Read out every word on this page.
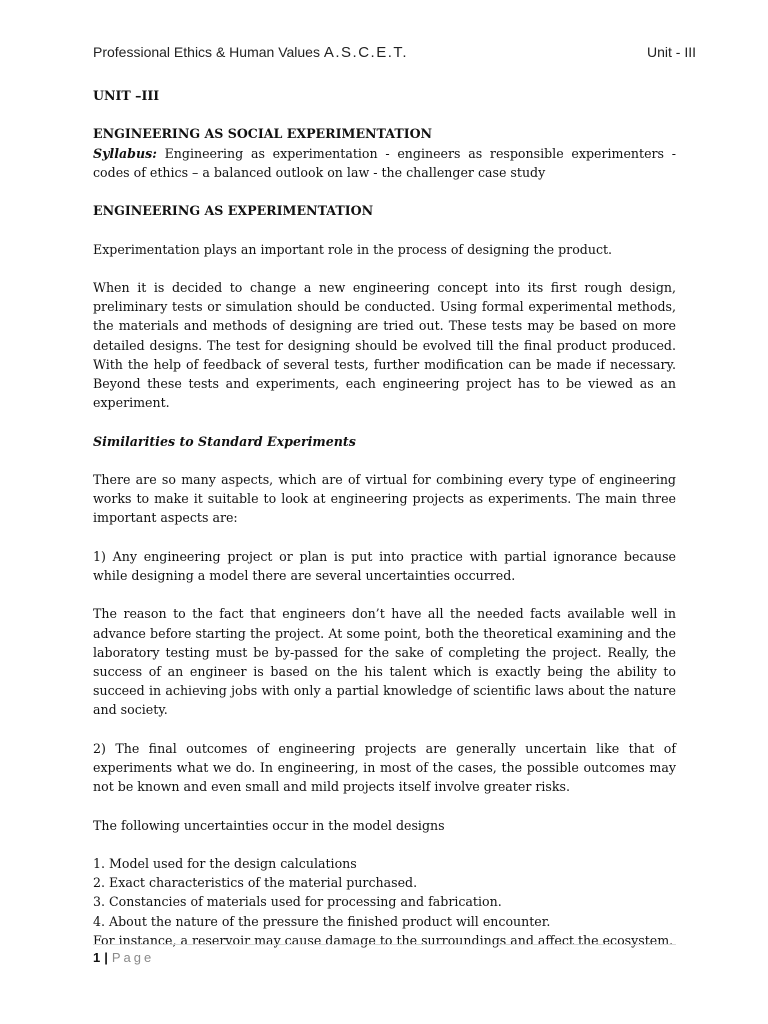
Professional Ethics & Human Values A.S.C.E.T.	Unit - III

UNIT –III

ENGINEERING AS SOCIAL EXPERIMENTATION

Syllabus: Engineering as experimentation - engineers as responsible experimenters - codes of ethics – a balanced outlook on law - the challenger case study

ENGINEERING AS EXPERIMENTATION

Experimentation plays an important role in the process of designing the product.

When it is decided to change a new engineering concept into its first rough design, preliminary tests or simulation should be conducted. Using formal experimental methods, the materials and methods of designing are tried out. These tests may be based on more detailed designs. The test for designing should be evolved till the final product produced. With the help of feedback of several tests, further modification can be made if necessary. Beyond these tests and experiments, each engineering project has to be viewed as an experiment.

Similarities to Standard Experiments

There are so many aspects, which are of virtual for combining every type of engineering works to make it suitable to look at engineering projects as experiments. The main three important aspects are:

1) Any engineering project or plan is put into practice with partial ignorance because while designing a model there are several uncertainties occurred.

The reason to the fact that engineers don’t have all the needed facts available well in advance before starting the project. At some point, both the theoretical examining and the laboratory testing must be by-passed for the sake of completing the project. Really, the success of an engineer is based on the his talent which is exactly being the ability to succeed in achieving jobs with only a partial knowledge of scientific laws about the nature and society.

2) The final outcomes of engineering projects are generally uncertain like that of experiments what we do. In engineering, in most of the cases, the possible outcomes may not be known and even small and mild projects itself involve greater risks.

The following uncertainties occur in the model designs

1. Model used for the design calculations

2. Exact characteristics of the material purchased.

3. Constancies of materials used for processing and fabrication.

4. About the nature of the pressure the finished product will encounter.

For instance, a reservoir may cause damage to the surroundings and affect the ecosystem.

1 | Page
